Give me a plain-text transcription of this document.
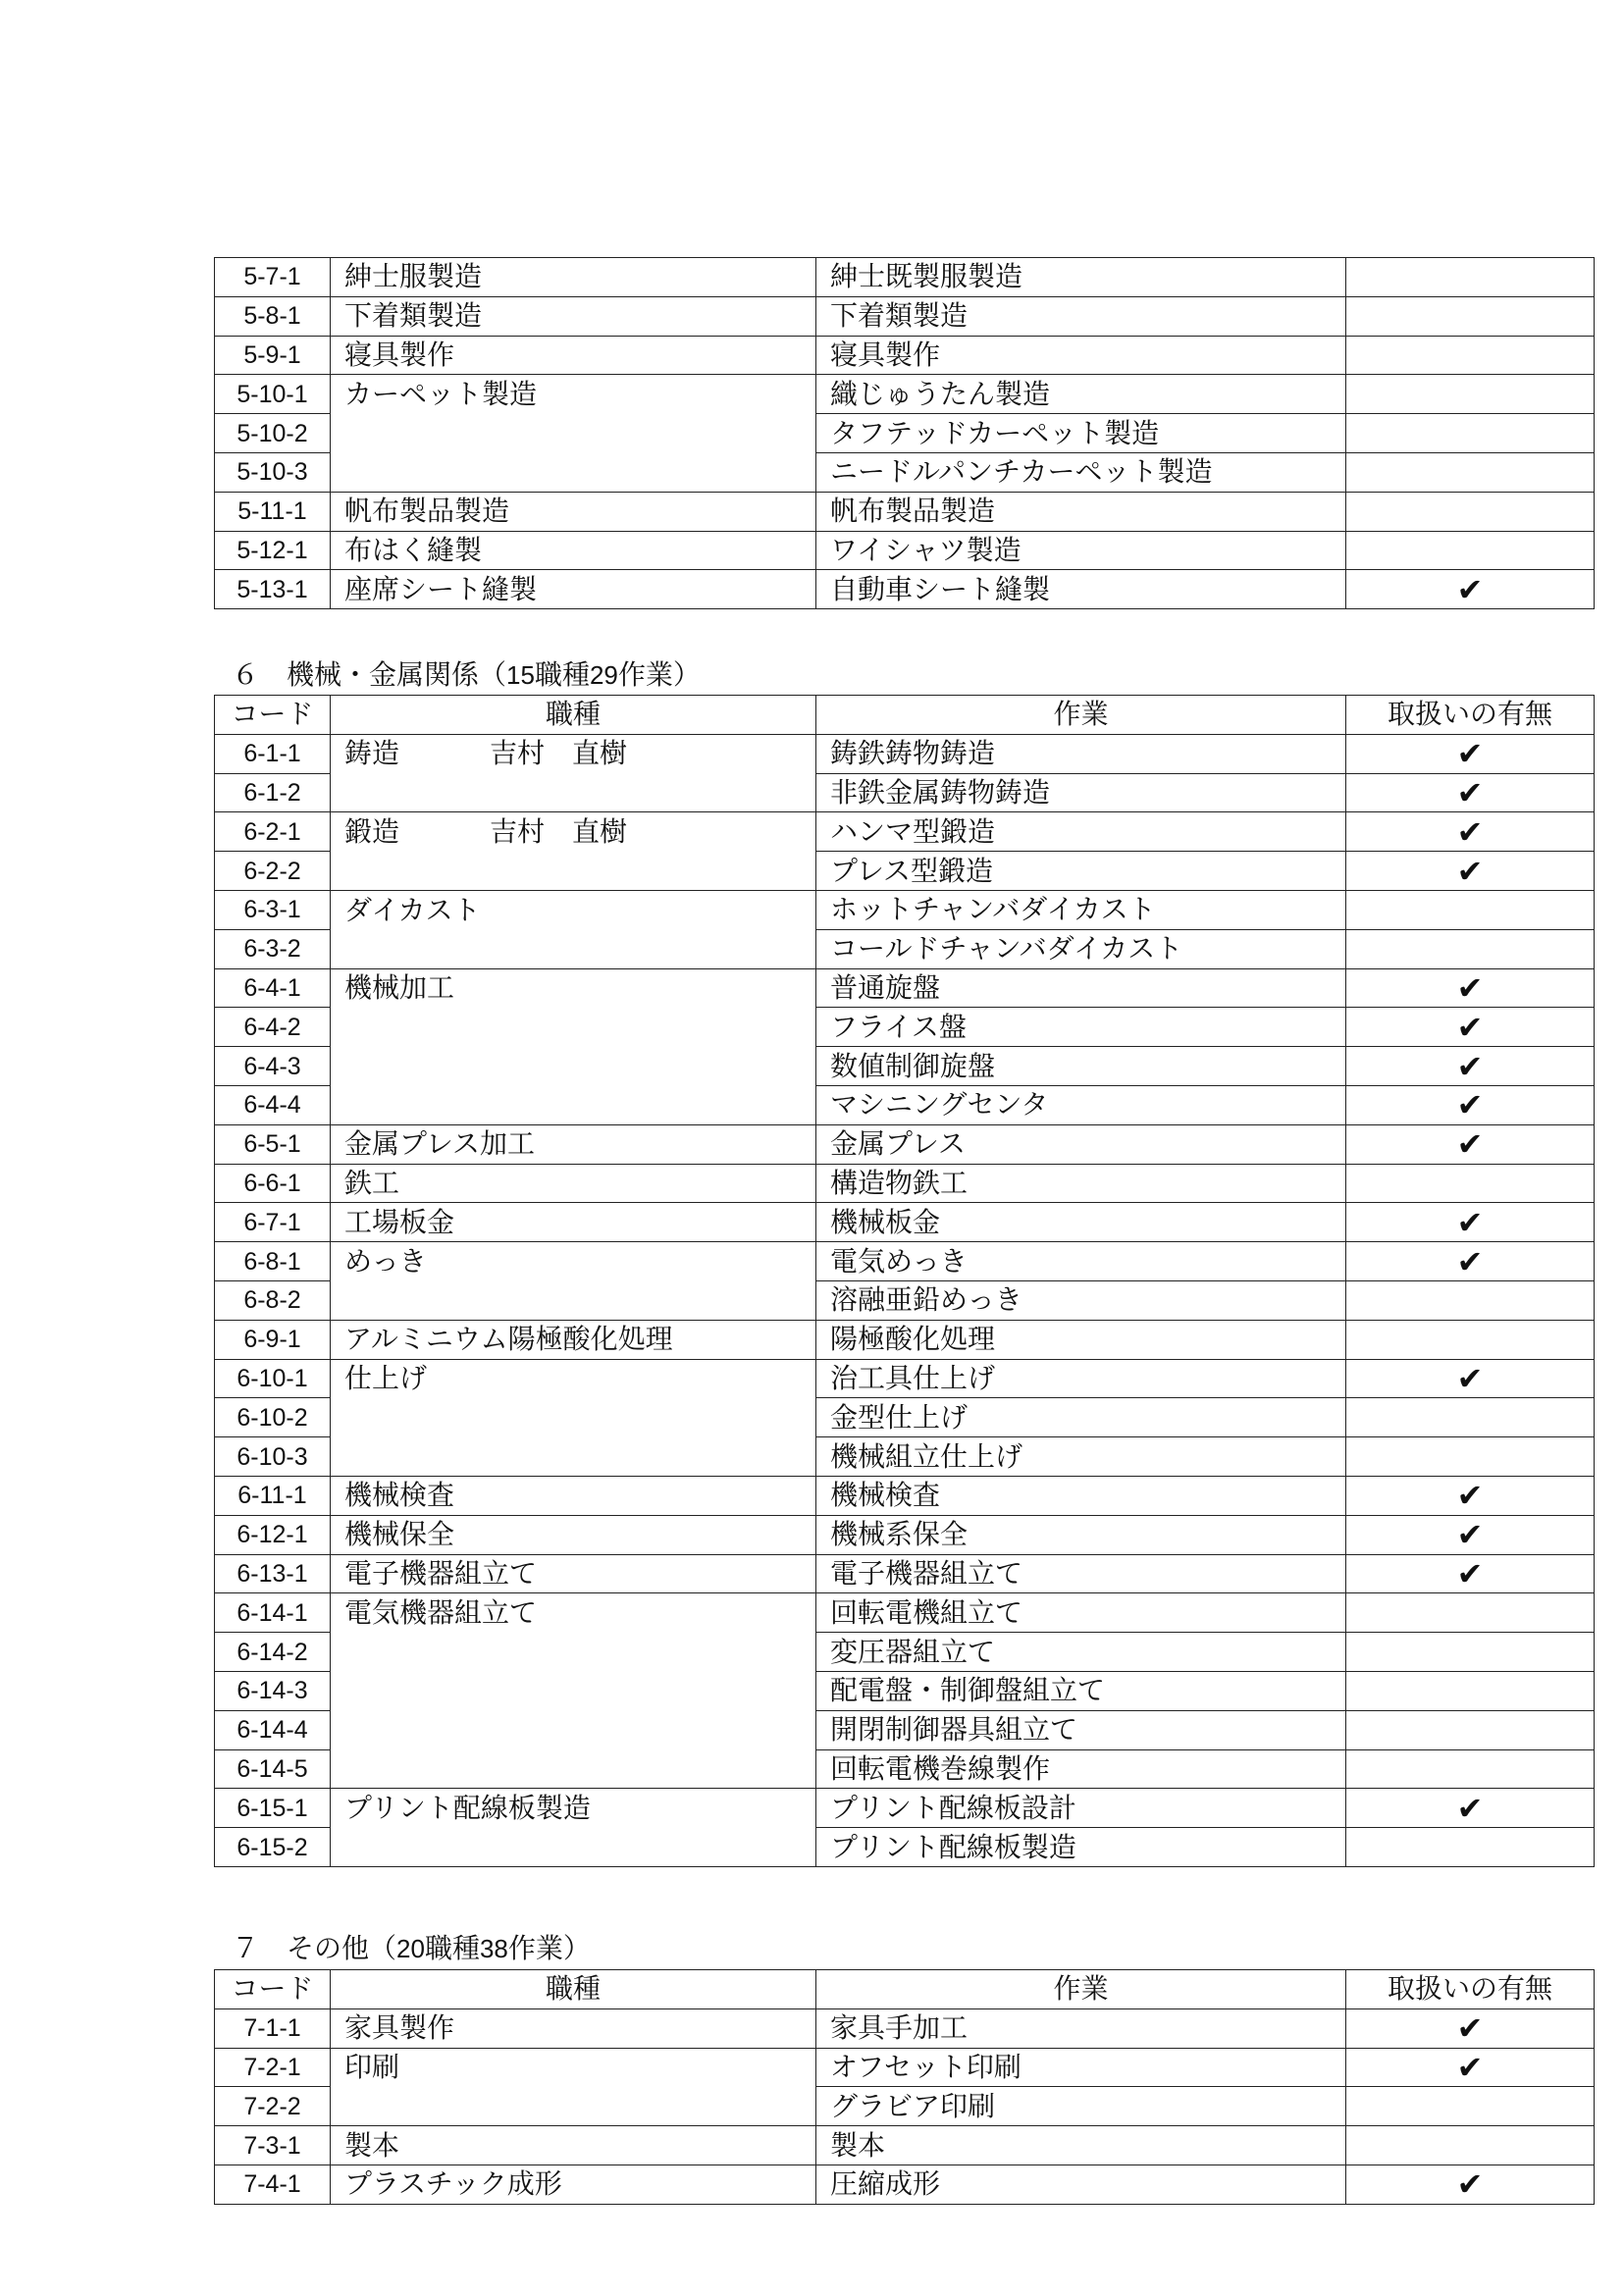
5-7-1	紳士服製造	紳士既製服製造	
5-8-1	下着類製造	下着類製造	
5-9-1	寝具製作	寝具製作	
5-10-1	カーペット製造	織じゅうたん製造	
5-10-2		タフテッドカーペット製造	
5-10-3		ニードルパンチカーペット製造	
5-11-1	帆布製品製造	帆布製品製造	
5-12-1	布はく縫製	ワイシャツ製造	
5-13-1	座席シート縫製	自動車シート縫製	✔
６　機械・金属関係（15職種29作業）
コード	職種	作業	取扱いの有無
6-1-1	鋳造 吉村　直樹	鋳鉄鋳物鋳造	✔
6-1-2		非鉄金属鋳物鋳造	✔
6-2-1	鍛造 吉村　直樹	ハンマ型鍛造	✔
6-2-2		プレス型鍛造	✔
6-3-1	ダイカスト	ホットチャンバダイカスト	
6-3-2		コールドチャンバダイカスト	
6-4-1	機械加工	普通旋盤	✔
6-4-2		フライス盤	✔
6-4-3		数値制御旋盤	✔
6-4-4		マシニングセンタ	✔
6-5-1	金属プレス加工	金属プレス	✔
6-6-1	鉄工	構造物鉄工	
6-7-1	工場板金	機械板金	✔
6-8-1	めっき	電気めっき	✔
6-8-2		溶融亜鉛めっき	
6-9-1	アルミニウム陽極酸化処理	陽極酸化処理	
6-10-1	仕上げ	治工具仕上げ	✔
6-10-2		金型仕上げ	
6-10-3		機械組立仕上げ	
6-11-1	機械検査	機械検査	✔
6-12-1	機械保全	機械系保全	✔
6-13-1	電子機器組立て	電子機器組立て	✔
6-14-1	電気機器組立て	回転電機組立て	
6-14-2		変圧器組立て	
6-14-3		配電盤・制御盤組立て	
6-14-4		開閉制御器具組立て	
6-14-5		回転電機巻線製作	
6-15-1	プリント配線板製造	プリント配線板設計	✔
6-15-2		プリント配線板製造	
７　その他（20職種38作業）
コード	職種	作業	取扱いの有無
7-1-1	家具製作	家具手加工	✔
7-2-1	印刷	オフセット印刷	✔
7-2-2		グラビア印刷	
7-3-1	製本	製本	
7-4-1	プラスチック成形	圧縮成形	✔
